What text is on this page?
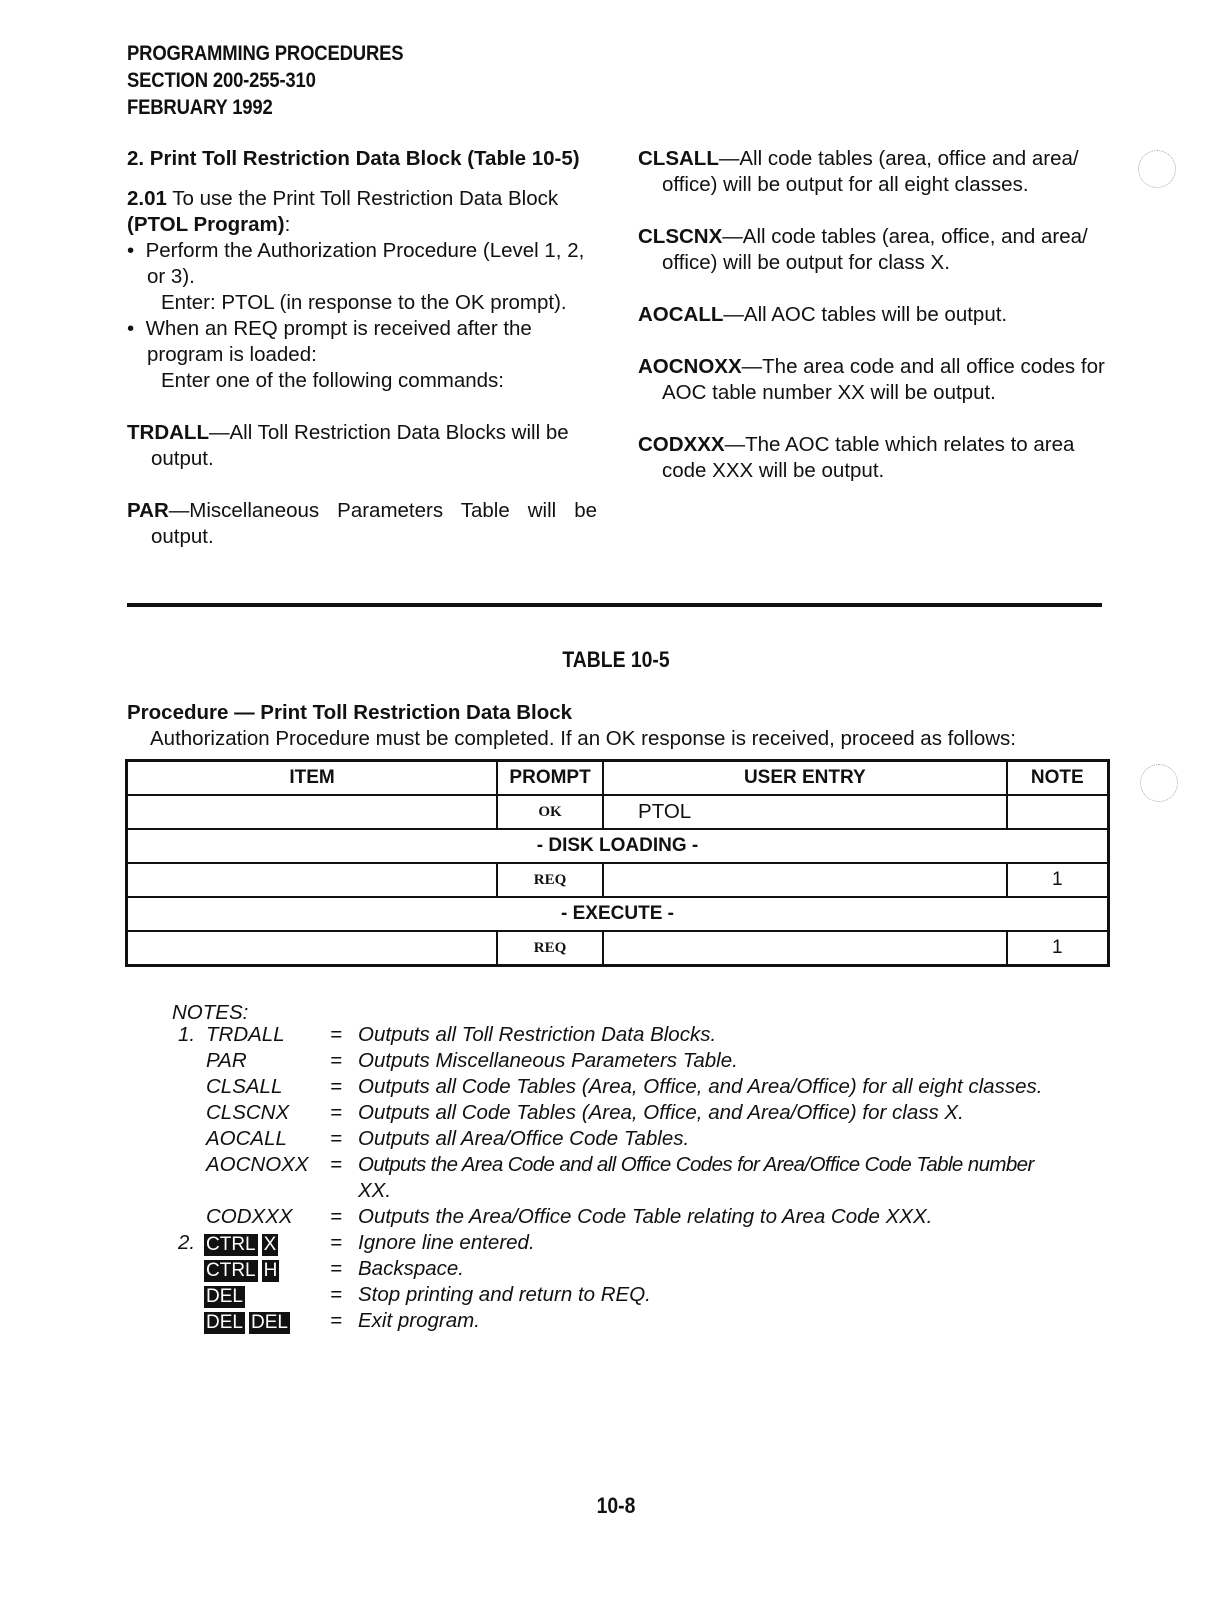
PROGRAMMING PROCEDURES
SECTION 200-255-310
FEBRUARY 1992

2. Print Toll Restriction Data Block (Table 10-5)

2.01 To use the Print Toll Restriction Data Block

(PTOL Program):

•  Perform the Authorization Procedure (Level 1, 2, or 3).

Enter: PTOL (in response to the OK prompt).

•  When an REQ prompt is received after the program is loaded:

Enter one of the following commands:

TRDALL—All Toll Restriction Data Blocks will be output.

PAR—Miscellaneous Parameters Table will be output.

CLSALL—All code tables (area, office and area/ office) will be output for all eight classes.

CLSCNX—All code tables (area, office, and area/ office) will be output for class X.

AOCALL—All AOC tables will be output.

AOCNOXX—The area code and all office codes for AOC table number XX will be output.

CODXXX—The AOC table which relates to area code XXX will be output.

TABLE 10-5
Procedure — Print Toll Restriction Data Block
Authorization Procedure must be completed. If an OK response is received, proceed as follows:
ITEM	PROMPT	USER ENTRY	NOTE
	OK	PTOL	
- DISK LOADING -			
	REQ		1
- EXECUTE -			
	REQ		1
NOTES:
1. TRDALL = Outputs all Toll Restriction Data Blocks.
PAR	= Outputs Miscellaneous Parameters Table.
CLSALL = Outputs all Code Tables (Area, Office, and Area/Office) for all eight classes.
CLSCNX = Outputs all Code Tables (Area, Office, and Area/Office) for class X.
AOCALL = Outputs all Area/Office Code Tables.
AOCNOXX = Outputs the Area Code and all Office Codes for Area/Office Code Table number
XX.
CODXXX = Outputs the Area/Office Code Table relating to Area Code XXX.
2. CTRL X	= Ignore line entered.
CTRL H	= Backspace.
DEL	= Stop printing and return to REQ.
DEL DEL = Exit program.
10-8
